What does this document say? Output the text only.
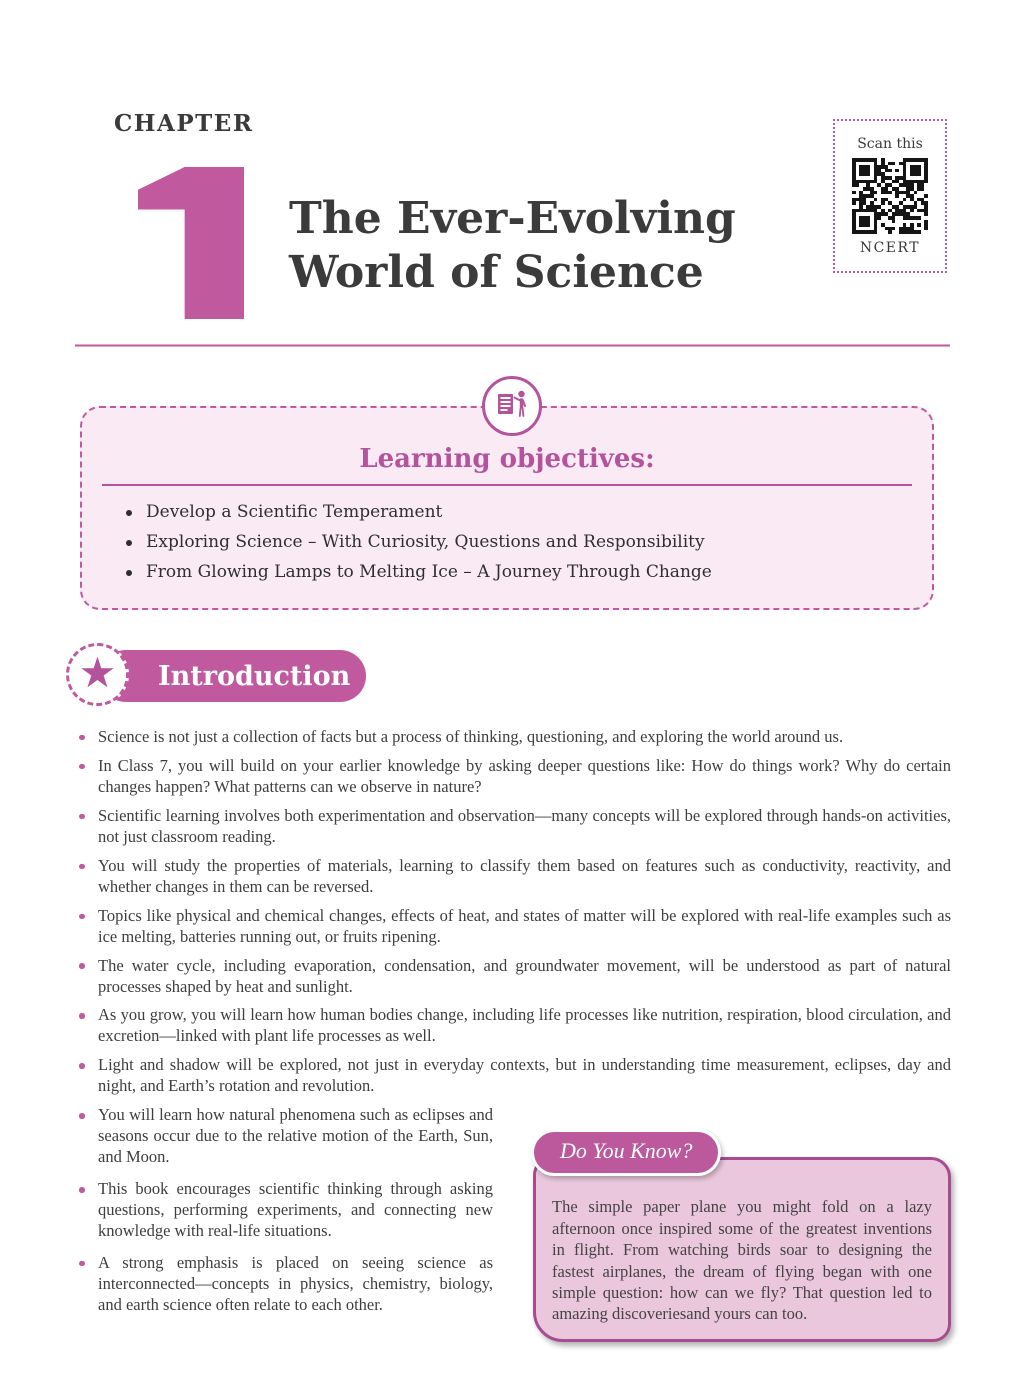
CHAPTER
The Ever-Evolving
World of Science
Scan this
NCERT
Learning objectives:
Develop a Scientific Temperament
Exploring Science – With Curiosity, Questions and Responsibility
From Glowing Lamps to Melting Ice – A Journey Through Change
★
Introduction
Science is not just a collection of facts but a process of thinking, questioning, and exploring the world around us.
In Class 7, you will build on your earlier knowledge by asking deeper questions like: How do things work? Why do certain changes happen? What patterns can we observe in nature?
Scientific learning involves both experimentation and observation—many concepts will be explored through hands-on activities, not just classroom reading.
You will study the properties of materials, learning to classify them based on features such as conductivity, reactivity, and whether changes in them can be reversed.
Topics like physical and chemical changes, effects of heat, and states of matter will be explored with real-life examples such as ice melting, batteries running out, or fruits ripening.
The water cycle, including evaporation, condensation, and groundwater movement, will be understood as part of natural processes shaped by heat and sunlight.
As you grow, you will learn how human bodies change, including life processes like nutrition, respiration, blood circulation, and excretion—linked with plant life processes as well.
Light and shadow will be explored, not just in everyday contexts, but in understanding time measurement, eclipses, day and night, and Earth’s rotation and revolution.
You will learn how natural phenomena such as eclipses and seasons occur due to the relative motion of the Earth, Sun, and Moon.
This book encourages scientific thinking through asking questions, performing experiments, and connecting new knowledge with real-life situations.
A strong emphasis is placed on seeing science as interconnected—concepts in physics, chemistry, biology, and earth science often relate to each other.
Do You Know?

The simple paper plane you might fold on a lazy afternoon once inspired some of the greatest inventions in flight. From watching birds soar to designing the fastest airplanes, the dream of flying began with one simple question: how can we fly? That question led to amazing discoveriesand yours can too.
